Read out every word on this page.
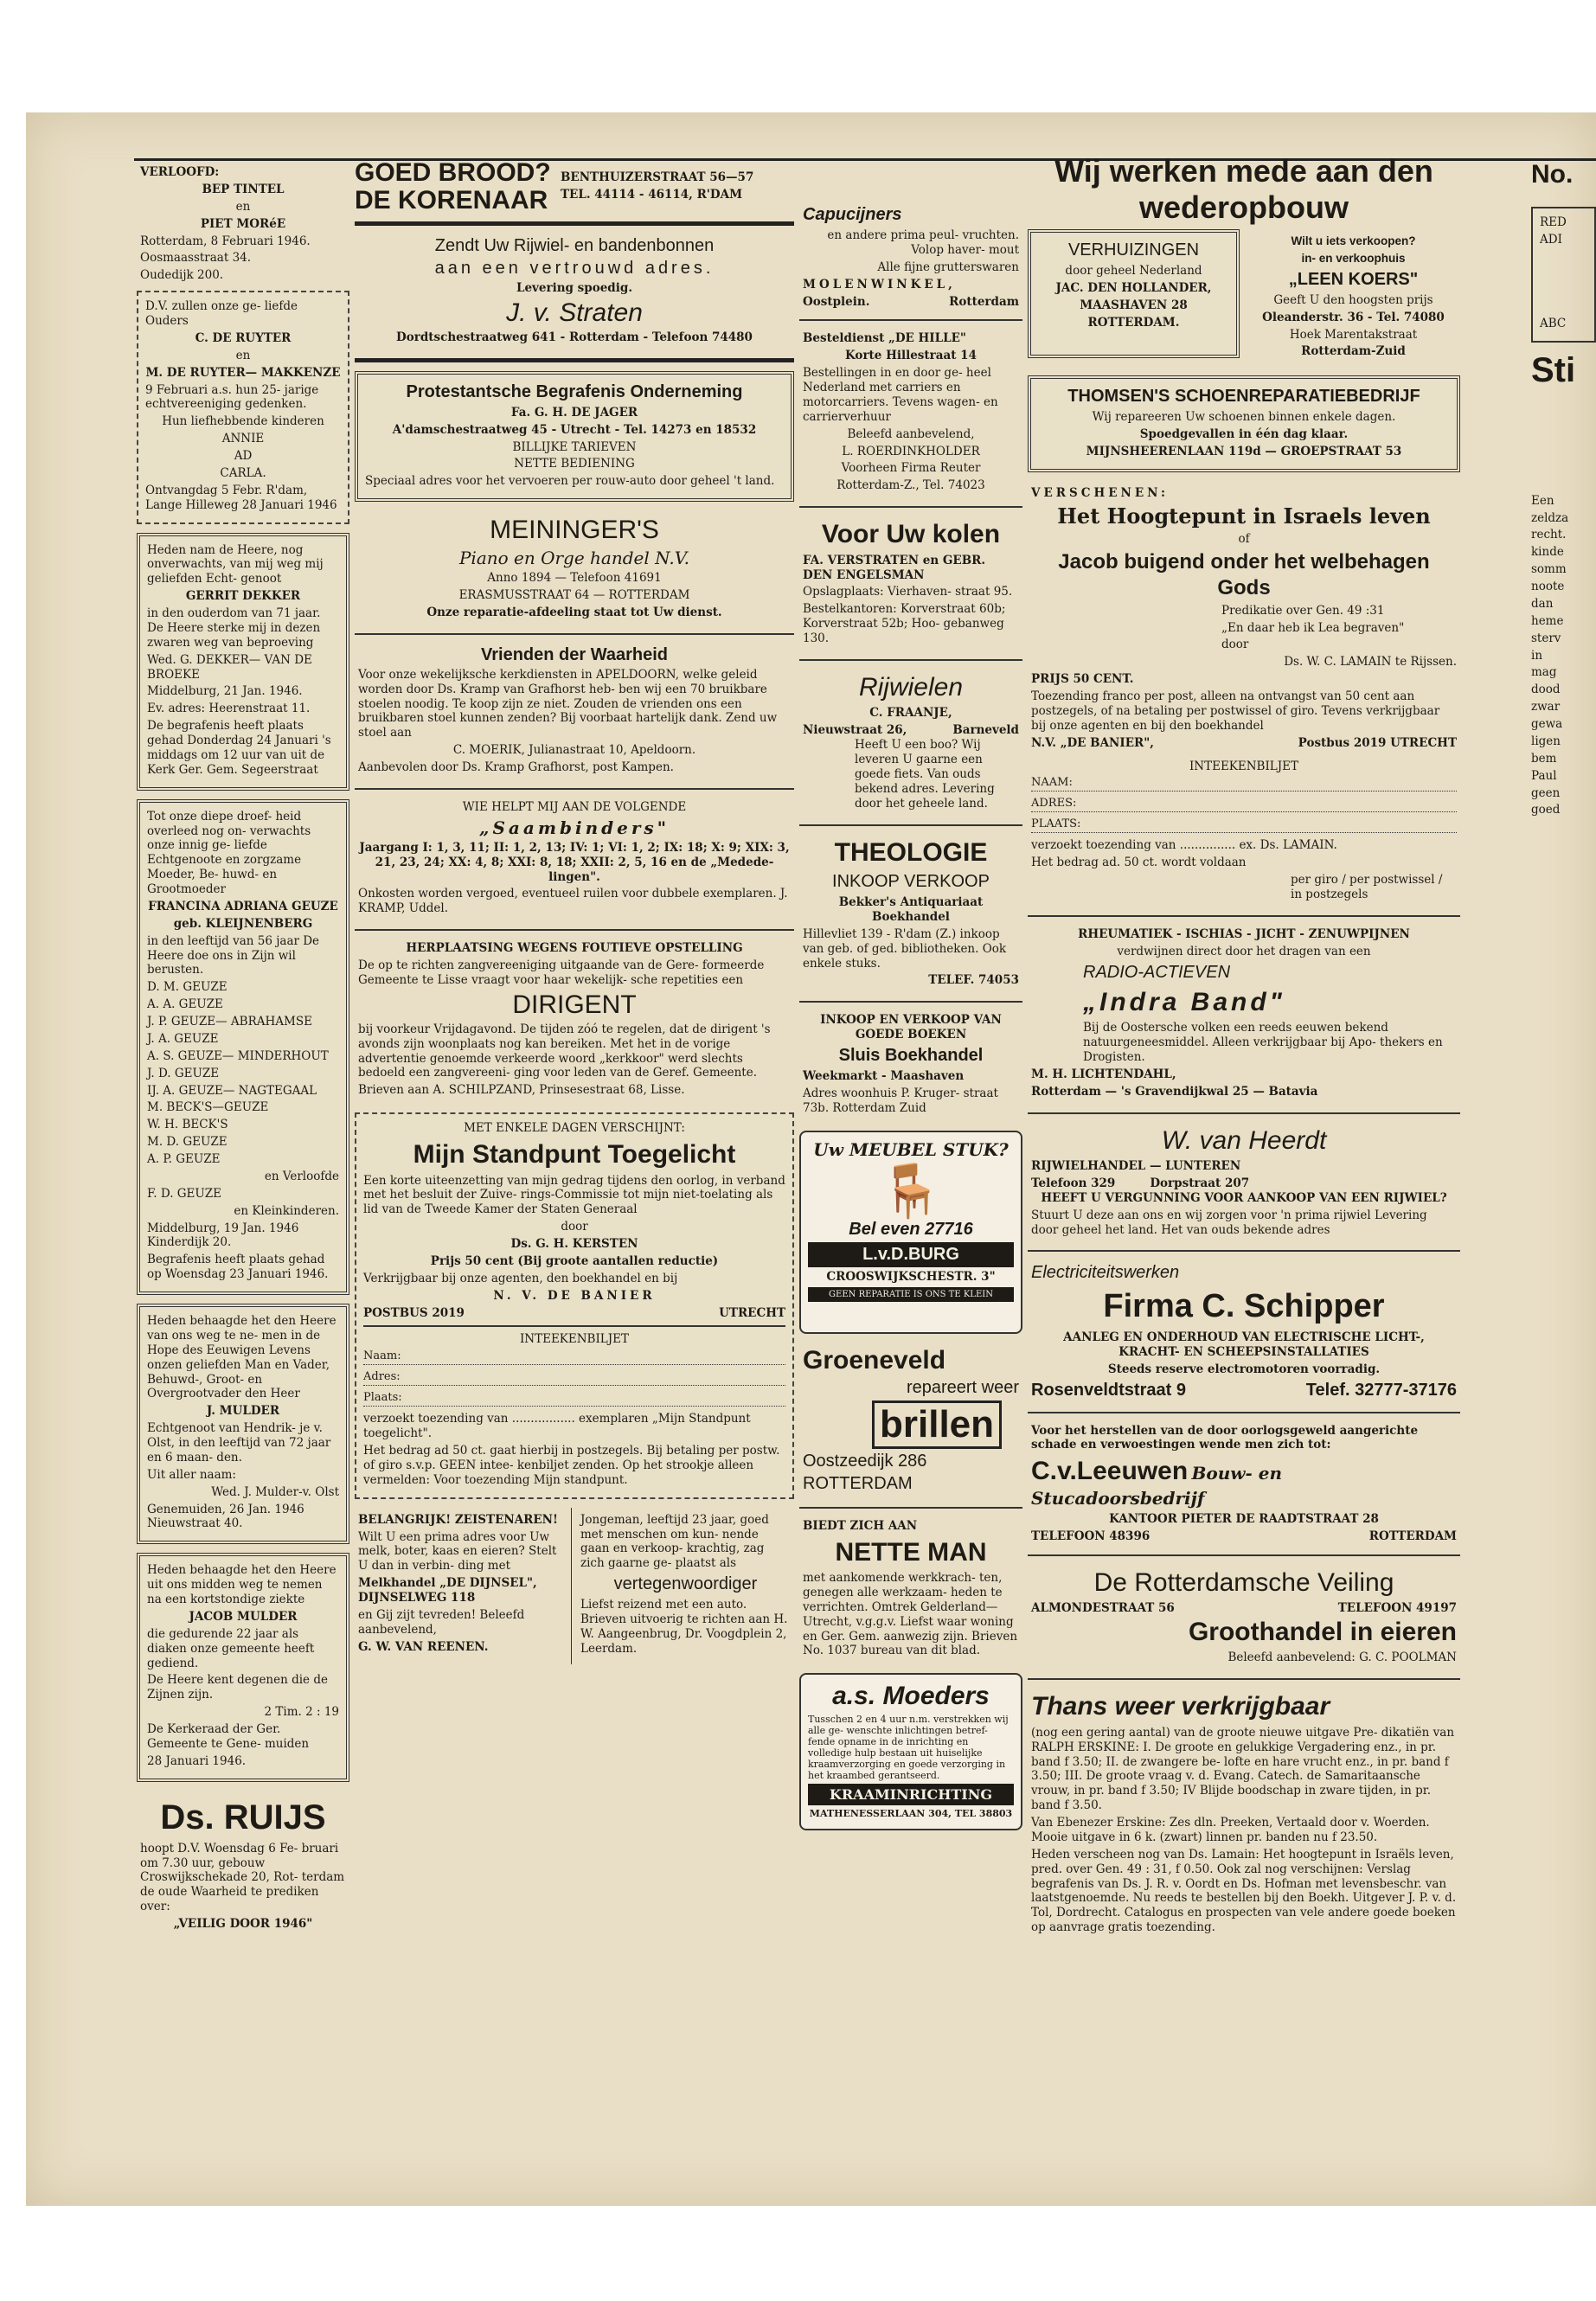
VERLOOFD:

BEP TINTEL

en

PIET MORéE

Rotterdam, 8 Februari 1946.

Oosmaasstraat 34.

Oudedijk 200.

D.V. zullen onze ge- liefde Ouders

C. DE RUYTER

en

M. DE RUYTER— MAKKENZE

9 Februari a.s. hun 25- jarige echtvereeniging gedenken.

Hun liefhebbende kinderen

ANNIE

AD

CARLA.

Ontvangdag 5 Febr. R'dam, Lange Hilleweg 28 Januari 1946

Heden nam de Heere, nog onverwachts, van mij weg mij geliefden Echt- genoot

GERRIT DEKKER

in den ouderdom van 71 jaar. De Heere sterke mij in dezen zwaren weg van beproeving

Wed. G. DEKKER— VAN DE BROEKE

Middelburg, 21 Jan. 1946.

Ev. adres: Heerenstraat 11.

De begrafenis heeft plaats gehad Donderdag 24 Januari 's middags om 12 uur van uit de Kerk Ger. Gem. Segeerstraat

Tot onze diepe droef- heid overleed nog on- verwachts onze innig ge- liefde Echtgenoote en zorgzame Moeder, Be- huwd- en Grootmoeder

FRANCINA ADRIANA GEUZE

geb. KLEIJNENBERG

in den leeftijd van 56 jaar De Heere doe ons in Zijn wil berusten.

D. M. GEUZE

A. A. GEUZE

J. P. GEUZE— ABRAHAMSE

J. A. GEUZE

A. S. GEUZE— MINDERHOUT

J. D. GEUZE

IJ. A. GEUZE— NAGTEGAAL

M. BECK'S—GEUZE

W. H. BECK'S

M. D. GEUZE

A. P. GEUZE

en Verloofde

F. D. GEUZE

en Kleinkinderen.

Middelburg, 19 Jan. 1946 Kinderdijk 20.

Begrafenis heeft plaats gehad op Woensdag 23 Januari 1946.

Heden behaagde het den Heere van ons weg te ne- men in de Hope des Eeuwigen Levens onzen geliefden Man en Vader, Behuwd-, Groot- en Overgrootvader den Heer

J. MULDER

Echtgenoot van Hendrik- je v. Olst, in den leeftijd van 72 jaar en 6 maan- den.

Uit aller naam:

Wed. J. Mulder-v. Olst

Genemuiden, 26 Jan. 1946 Nieuwstraat 40.

Heden behaagde het den Heere uit ons midden weg te nemen na een kortstondige ziekte

JACOB MULDER

die gedurende 22 jaar als diaken onze gemeente heeft gediend.

De Heere kent degenen die de Zijnen zijn.

2 Tim. 2 : 19

De Kerkeraad der Ger. Gemeente te Gene- muiden

28 Januari 1946.

Ds. RUIJS

hoopt D.V. Woensdag 6 Fe- bruari om 7.30 uur, gebouw Croswijkschekade 20, Rot- terdam de oude Waarheid te prediken over:

„VEILIG DOOR 1946"

GOED BROOD?
DE KORENAAR

BENTHUIZERSTRAAT 56—57

TEL. 44114 - 46114, R'DAM

Zendt Uw Rijwiel- en bandenbonnen

aan een vertrouwd adres.

Levering spoedig.

J. v. Straten

Dordtschestraatweg 641 - Rotterdam - Telefoon 74480

Protestantsche Begrafenis Onderneming

Fa. G. H. DE JAGER

A'damschestraatweg 45 - Utrecht - Tel. 14273 en 18532

BILLIJKE TARIEVEN

NETTE BEDIENING

Speciaal adres voor het vervoeren per rouw-auto door geheel 't land.

MEININGER'S

Piano en Orge handel N.V.

Anno 1894 — Telefoon 41691

ERASMUSSTRAAT 64 — ROTTERDAM

Onze reparatie-afdeeling staat tot Uw dienst.

Vrienden der Waarheid

Voor onze wekelijksche kerkdiensten in APELDOORN, welke geleid worden door Ds. Kramp van Grafhorst heb- ben wij een 70 bruikbare stoelen noodig. Te koop zijn ze niet. Zouden de vrienden ons een bruikbaren stoel kunnen zenden? Bij voorbaat hartelijk dank. Zend uw stoel aan

C. MOERIK, Julianastraat 10, Apeldoorn.

Aanbevolen door Ds. Kramp Grafhorst, post Kampen.

WIE HELPT MIJ AAN DE VOLGENDE

„Saambinders"

Jaargang I: 1, 3, 11; II: 1, 2, 13; IV: 1; VI: 1, 2; IX: 18; X: 9; XIX: 3, 21, 23, 24; XX: 4, 8; XXI: 8, 18; XXII: 2, 5, 16 en de „Medede- lingen".

Onkosten worden vergoed, eventueel ruilen voor dubbele exemplaren. J. KRAMP, Uddel.

HERPLAATSING WEGENS FOUTIEVE OPSTELLING

De op te richten zangvereeniging uitgaande van de Gere- formeerde Gemeente te Lisse vraagt voor haar wekelijk- sche repetities een

DIRIGENT

bij voorkeur Vrijdagavond. De tijden zóó te regelen, dat de dirigent 's avonds zijn woonplaats nog kan bereiken. Met het in de vorige advertentie genoemde verkeerde woord „kerkkoor" werd slechts bedoeld een zangvereeni- ging voor leden van de Geref. Gemeente.

Brieven aan A. SCHILPZAND, Prinsesestraat 68, Lisse.

MET ENKELE DAGEN VERSCHIJNT:

Mijn Standpunt Toegelicht

Een korte uiteenzetting van mijn gedrag tijdens den oorlog, in verband met het besluit der Zuive- rings-Commissie tot mijn niet-toelating als lid van de Tweede Kamer der Staten Generaal

door

Ds. G. H. KERSTEN

Prijs 50 cent (Bij groote aantallen reductie)

Verkrijgbaar bij onze agenten, den boekhandel en bij

N. V. DE BANIER

POSTBUS 2019	UTRECHT

INTEEKENBILJET

Naam:
Adres:
Plaats:

verzoekt toezending van ................. exemplaren „Mijn Standpunt toegelicht".

Het bedrag ad 50 ct. gaat hierbij in postzegels. Bij betaling per postw. of giro s.v.p. GEEN intee- kenbiljet zenden. Op het strookje alleen vermelden: Voor toezending Mijn standpunt.

BELANGRIJK! ZEISTENAREN!

Wilt U een prima adres voor Uw melk, boter, kaas en eieren? Stelt U dan in verbin- ding met

Melkhandel „DE DIJNSEL", DIJNSELWEG 118

en Gij zijt tevreden! Beleefd aanbevelend,

G. W. VAN REENEN.

Jongeman, leeftijd 23 jaar, goed met menschen om kun- nende gaan en verkoop- krachtig, zag zich gaarne ge- plaatst als

vertegenwoordiger

Liefst reizend met een auto. Brieven uitvoerig te richten aan H. W. Aangeenbrug, Dr. Voogdplein 2, Leerdam.

Capucijners

en andere prima peul- vruchten. Volop haver- mout

Alle fijne grutterswaren

MOLENWINKEL,

Oostplein.	Rotterdam

Besteldienst „DE HILLE"

Korte Hillestraat 14

Bestellingen in en door ge- heel Nederland met carriers en motorcarriers. Tevens wagen- en carrierverhuur

Beleefd aanbevelend,

L. ROERDINKHOLDER

Voorheen Firma Reuter

Rotterdam-Z., Tel. 74023

Voor Uw kolen

FA. VERSTRATEN en GEBR. DEN ENGELSMAN

Opslagplaats: Vierhaven- straat 95.

Bestelkantoren: Korverstraat 60b; Korverstraat 52b; Hoo- gebanweg 130.

Rijwielen

C. FRAANJE,

Nieuwstraat 26,	Barneveld

Heeft U een boo? Wij leveren U gaarne een goede fiets. Van ouds bekend adres. Levering door het geheele land.

THEOLOGIE

INKOOP VERKOOP

Bekker's Antiquariaat Boekhandel

Hillevliet 139 - R'dam (Z.) inkoop van geb. of ged. bibliotheken. Ook enkele stuks.

TELEF. 74053

INKOOP EN VERKOOP VAN GOEDE BOEKEN

Sluis Boekhandel

Weekmarkt - Maashaven

Adres woonhuis P. Kruger- straat 73b. Rotterdam Zuid

Uw MEUBEL STUK?

🪑

Bel even 27716

L.v.D.BURG

CROOSWIJKSCHESTR. 3"

GEEN REPARATIE IS ONS TE KLEIN

Groeneveld

repareert weer

brillen

Oostzeedijk 286

ROTTERDAM

BIEDT ZICH AAN

NETTE MAN

met aankomende werkkrach- ten, genegen alle werkzaam- heden te verrichten. Omtrek Gelderland—Utrecht, v.g.g.v. Liefst waar woning en Ger. Gem. aanwezig zijn. Brieven No. 1037 bureau van dit blad.

a.s. Moeders

Tusschen 2 en 4 uur n.m. verstrekken wij alle ge- wenschte inlichtingen betref- fende opname in de inrichting en volledige hulp bestaan uit huiselijke kraamverzorging en goede verzorging in het kraambed gerantseerd.

KRAAMINRICHTING

MATHENESSERLAAN 304, TEL 38803

Wij werken mede aan den wederopbouw

VERHUIZINGEN

door geheel Nederland

JAC. DEN HOLLANDER,

MAASHAVEN 28

ROTTERDAM.

Wilt u iets verkoopen?

in- en verkoophuis

„LEEN KOERS"

Geeft U den hoogsten prijs

Oleanderstr. 36 - Tel. 74080

Hoek Marentakstraat

Rotterdam-Zuid

THOMSEN'S SCHOENREPARATIEBEDRIJF

Wij repareeren Uw schoenen binnen enkele dagen.

Spoedgevallen in één dag klaar.

MIJNSHEERENLAAN 119d — GROEPSTRAAT 53

VERSCHENEN:

Het Hoogtepunt in Israels leven

of

Jacob buigend onder het welbehagen Gods

Predikatie over Gen. 49 :31

„En daar heb ik Lea begraven"

door

Ds. W. C. LAMAIN te Rijssen.

PRIJS 50 CENT.

Toezending franco per post, alleen na ontvangst van 50 cent aan postzegels, of na betaling per postwissel of giro. Tevens verkrijgbaar bij onze agenten en bij den boekhandel

N.V. „DE BANIER",	Postbus 2019 UTRECHT

INTEEKENBILJET

NAAM:
ADRES:
PLAATS:

verzoekt toezending van ............... ex. Ds. LAMAIN.

Het bedrag ad. 50 ct. wordt voldaan

per giro / per postwissel / in postzegels

RHEUMATIEK - ISCHIAS - JICHT - ZENUWPIJNEN

verdwijnen direct door het dragen van een

RADIO-ACTIEVEN

„Indra Band"

Bij de Oostersche volken een reeds eeuwen bekend natuurgeneesmiddel. Alleen verkrijgbaar bij Apo- thekers en Drogisten.

M. H. LICHTENDAHL,

Rotterdam — 's Gravendijkwal 25 — Batavia

W. van Heerdt

RIJWIELHANDEL — LUNTEREN

Telefoon 329	Dorpstraat 207

HEEFT U VERGUNNING VOOR AANKOOP VAN EEN RIJWIEL?

Stuurt U deze aan ons en wij zorgen voor 'n prima rijwiel Levering door geheel het land. Het van ouds bekende adres

Electriciteitswerken

Firma C. Schipper

AANLEG EN ONDERHOUD VAN ELECTRISCHE LICHT-, KRACHT- EN SCHEEPSINSTALLATIES

Steeds reserve electromotoren voorradig.

Rosenveldtstraat 9	Telef. 32777-37176

Voor het herstellen van de door oorlogsgeweld aangerichte schade en verwoestingen wende men zich tot:

C.v.Leeuwen Bouw- en Stucadoorsbedrijf

KANTOOR PIETER DE RAADTSTRAAT 28

TELEFOON 48396	ROTTERDAM

De Rotterdamsche Veiling

ALMONDESTRAAT 56	TELEFOON 49197

Groothandel in eieren

Beleefd aanbevelend: G. C. POOLMAN

Thans weer verkrijgbaar

(nog een gering aantal) van de groote nieuwe uitgave Pre- dikatiën van RALPH ERSKINE: I. De groote en gelukkige Vergadering enz., in pr. band f 3.50; II. de zwangere be- lofte en hare vrucht enz., in pr. band f 3.50; III. De groote vraag v. d. Evang. Catech. de Samaritaansche vrouw, in pr. band f 3.50; IV Blijde boodschap in zware tijden, in pr. band f 3.50.

Van Ebenezer Erskine: Zes dln. Preeken, Vertaald door v. Woerden. Mooie uitgave in 6 k. (zwart) linnen pr. banden nu f 23.50.

Heden verscheen nog van Ds. Lamain: Het hoogtepunt in Israëls leven, pred. over Gen. 49 : 31, f 0.50. Ook zal nog verschijnen: Verslag begrafenis van Ds. J. R. v. Oordt en Ds. Hofman met levensbeschr. van laatstgenoemde. Nu reeds te bestellen bij den Boekh. Uitgever J. P. v. d. Tol, Dordrecht. Catalogus en prospecten van vele andere goede boeken op aanvrage gratis toezending.

No.

RED

ADI

ABC

Sti

Een

zeldza

recht.

kinde

somm

noote

dan

heme

sterv

in

mag

dood

zwar

gewa

ligen

bem

Paul

geen

goed
